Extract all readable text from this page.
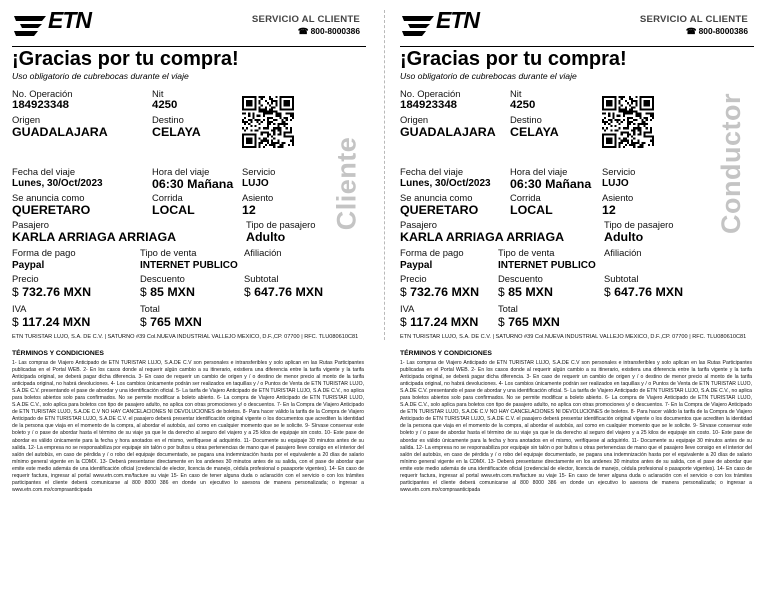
ETN	SERVICIO AL CLIENTE
☎ 800-8000386
¡Gracias por tu compra!
Uso obligatorio de cubrebocas durante el viaje
No. Operación
184923348
Nit
4250
Origen
GUADALAJARA
Destino
CELAYA
Cliente
Fecha del viaje
Lunes, 30/Oct/2023
Hora del viaje
06:30 Mañana
Servicio
LUJO
Se anuncia como
QUERETARO
Corrida
LOCAL
Asiento
12
Pasajero
KARLA ARRIAGA ARRIAGA
Tipo de pasajero
Adulto
Forma de pago
Paypal
Tipo de venta
INTERNET PUBLICO
Afiliación
Precio
$ 732.76 MXN
Descuento
$ 85 MXN
Subtotal
$ 647.76 MXN
IVA
$ 117.24 MXN
Total
$ 765 MXN
ETN TURISTAR LUJO, S.A. DE C.V. | SATURNO #39 Col.NUEVA INDUSTRIAL VALLEJO MEXICO, D.F.,CP. 07700 | RFC. TLU080610C81
TÉRMINOS Y CONDICIONES
1- Las compras de Viajero Anticipado de ETN TURISTAR LUJO, S.A.DE C.V son personales e intransferibles y solo aplican en las Rutas Participantes publicadas en el Portal WEB. 2- En los casos donde al requerir algún cambio a su itinerario, existiera una diferencia entre la tarifa vigente y la tarifa Anticipada original, se deberá pagar dicha diferencia. 3- En caso de requerir un cambio de origen y / o destino de menor precio al monto de la tarifa anticipada original, no habrá devoluciones. 4- Los cambios únicamente podrán ser realizados en taquillas y / o Puntos de Venta de ETN TURISTAR LUJO, S.A.DE C.V. presentando el pase de abordar y una identificación oficial. 5- La tarifa de Viajero Anticipado de ETN TURISTAR LUJO, S.A.DE C.V., no aplica para boletos abiertos solo para confirmados. No se permite modificar a boleto abierto. 6- La compra de Viajero Anticipado de ETN TURISTAR LUJO, S.A.DE C.V., solo aplica para boletos con tipo de pasajero adulto, no aplica con otras promociones y/ o descuentos. 7- En la Compra de Viajero Anticipado de ETN TURISTAR LUJO, S.A.DE C.V NO HAY CANCELACIONES NI DEVOLUCIONES de boletos. 8- Para hacer válido la tarifa de la Compra de Viajero Anticipado de ETN TURISTAR LUJO, S.A.DE C.V. el pasajero deberá presentar identificación original vigente o los documentos que acrediten la identidad de la persona que viaja en el momento de la compra, al abordar el autobús, así como en cualquier momento que se le solicite. 9- Sírvase conservar este boleto y / o pase de abordar hasta el término de su viaje ya que le da derecho al seguro del viajero y a 25 kilos de equipaje sin costo. 10- Este pase de abordar es válido únicamente para la fecha y hora anotados en el mismo, verifíquese al adquirirlo. 11- Documente su equipaje 30 minutos antes de su salida. 12- La empresa no se responsabiliza por equipaje sin talón o por bultos u otras pertenencias de mano que el pasajero lleve consigo en el interior del salón del autobús, en caso de pérdida y / o robo del equipaje documentado, se pagara una indemnización hasta por el equivalente a 20 días de salario mínimo general vigente en la CDMX. 13- Deberá presentarse directamente en los andenes 30 minutos antes de su salida, con el pase de abordar que emite este medio además de una identificación oficial (credencial de elector, licencia de manejo, cédula profesional o pasaporte vigentes). 14- En caso de requerir factura, ingresar al portal www.etn.com.mx/facture su viaje 15- En caso de tener alguna duda o aclaración con el servicio o con los trámites participantes el cliente deberá comunicarse al 800 8000 386 en donde un ejecutivo lo asesora de manera personalizada; o ingresar a www.etn.com.mx/compraanticipada
ETN	SERVICIO AL CLIENTE
☎ 800-8000386
¡Gracias por tu compra!
Uso obligatorio de cubrebocas durante el viaje
No. Operación
184923348
Nit
4250
Origen
GUADALAJARA
Destino
CELAYA	Conductor
Fecha del viaje
Lunes, 30/Oct/2023
Hora del viaje
06:30 Mañana
Servicio
LUJO
Se anuncia como
QUERETARO
Corrida
LOCAL
Asiento
12
Pasajero
KARLA ARRIAGA ARRIAGA
Tipo de pasajero
Adulto
Forma de pago
Paypal
Tipo de venta
INTERNET PUBLICO
Afiliación
Precio
$ 732.76 MXN
Descuento
$ 85 MXN
Subtotal
$ 647.76 MXN
IVA
$ 117.24 MXN
Total
$ 765 MXN
ETN TURISTAR LUJO, S.A. DE C.V. | SATURNO #39 Col.NUEVA INDUSTRIAL VALLEJO MEXICO, D.F.,CP. 07700 | RFC. TLU080610C81
TÉRMINOS Y CONDICIONES
1- Las compras de Viajero Anticipado de ETN TURISTAR LUJO, S.A.DE C.V son personales e intransferibles y solo aplican en las Rutas Participantes publicadas en el Portal WEB. 2- En los casos donde al requerir algún cambio a su itinerario, existiera una diferencia entre la tarifa vigente y la tarifa Anticipada original, se deberá pagar dicha diferencia. 3- En caso de requerir un cambio de origen y / o destino de menor precio al monto de la tarifa anticipada original, no habrá devoluciones. 4- Los cambios únicamente podrán ser realizados en taquillas y / o Puntos de Venta de ETN TURISTAR LUJO, S.A.DE C.V. presentando el pase de abordar y una identificación oficial. 5- La tarifa de Viajero Anticipado de ETN TURISTAR LUJO, S.A.DE C.V., no aplica para boletos abiertos solo para confirmados. No se permite modificar a boleto abierto. 6- La compra de Viajero Anticipado de ETN TURISTAR LUJO, S.A.DE C.V., solo aplica para boletos con tipo de pasajero adulto, no aplica con otras promociones y/ o descuentos. 7- En la Compra de Viajero Anticipado de ETN TURISTAR LUJO, S.A.DE C.V NO HAY CANCELACIONES NI DEVOLUCIONES de boletos. 8- Para hacer válido la tarifa de la Compra de Viajero Anticipado de ETN TURISTAR LUJO, S.A.DE C.V. el pasajero deberá presentar identificación original vigente o los documentos que acrediten la identidad de la persona que viaja en el momento de la compra, al abordar el autobús, así como en cualquier momento que se le solicite. 9- Sírvase conservar este boleto y / o pase de abordar hasta el término de su viaje ya que le da derecho al seguro del viajero y a 25 kilos de equipaje sin costo. 10- Este pase de abordar es válido únicamente para la fecha y hora anotados en el mismo, verifíquese al adquirirlo. 11- Documente su equipaje 30 minutos antes de su salida. 12- La empresa no se responsabiliza por equipaje sin talón o por bultos u otras pertenencias de mano que el pasajero lleve consigo en el interior del salón del autobús, en caso de pérdida y / o robo del equipaje documentado, se pagara una indemnización hasta por el equivalente a 20 días de salario mínimo general vigente en la CDMX. 13- Deberá presentarse directamente en los andenes 30 minutos antes de su salida, con el pase de abordar que emite este medio además de una identificación oficial (credencial de elector, licencia de manejo, cédula profesional o pasaporte vigentes). 14- En caso de requerir factura, ingresar al portal www.etn.com.mx/facture su viaje 15- En caso de tener alguna duda o aclaración con el servicio o con los trámites participantes el cliente deberá comunicarse al 800 8000 386 en donde un ejecutivo lo asesora de manera personalizada; o ingresar a www.etn.com.mx/compraanticipada
